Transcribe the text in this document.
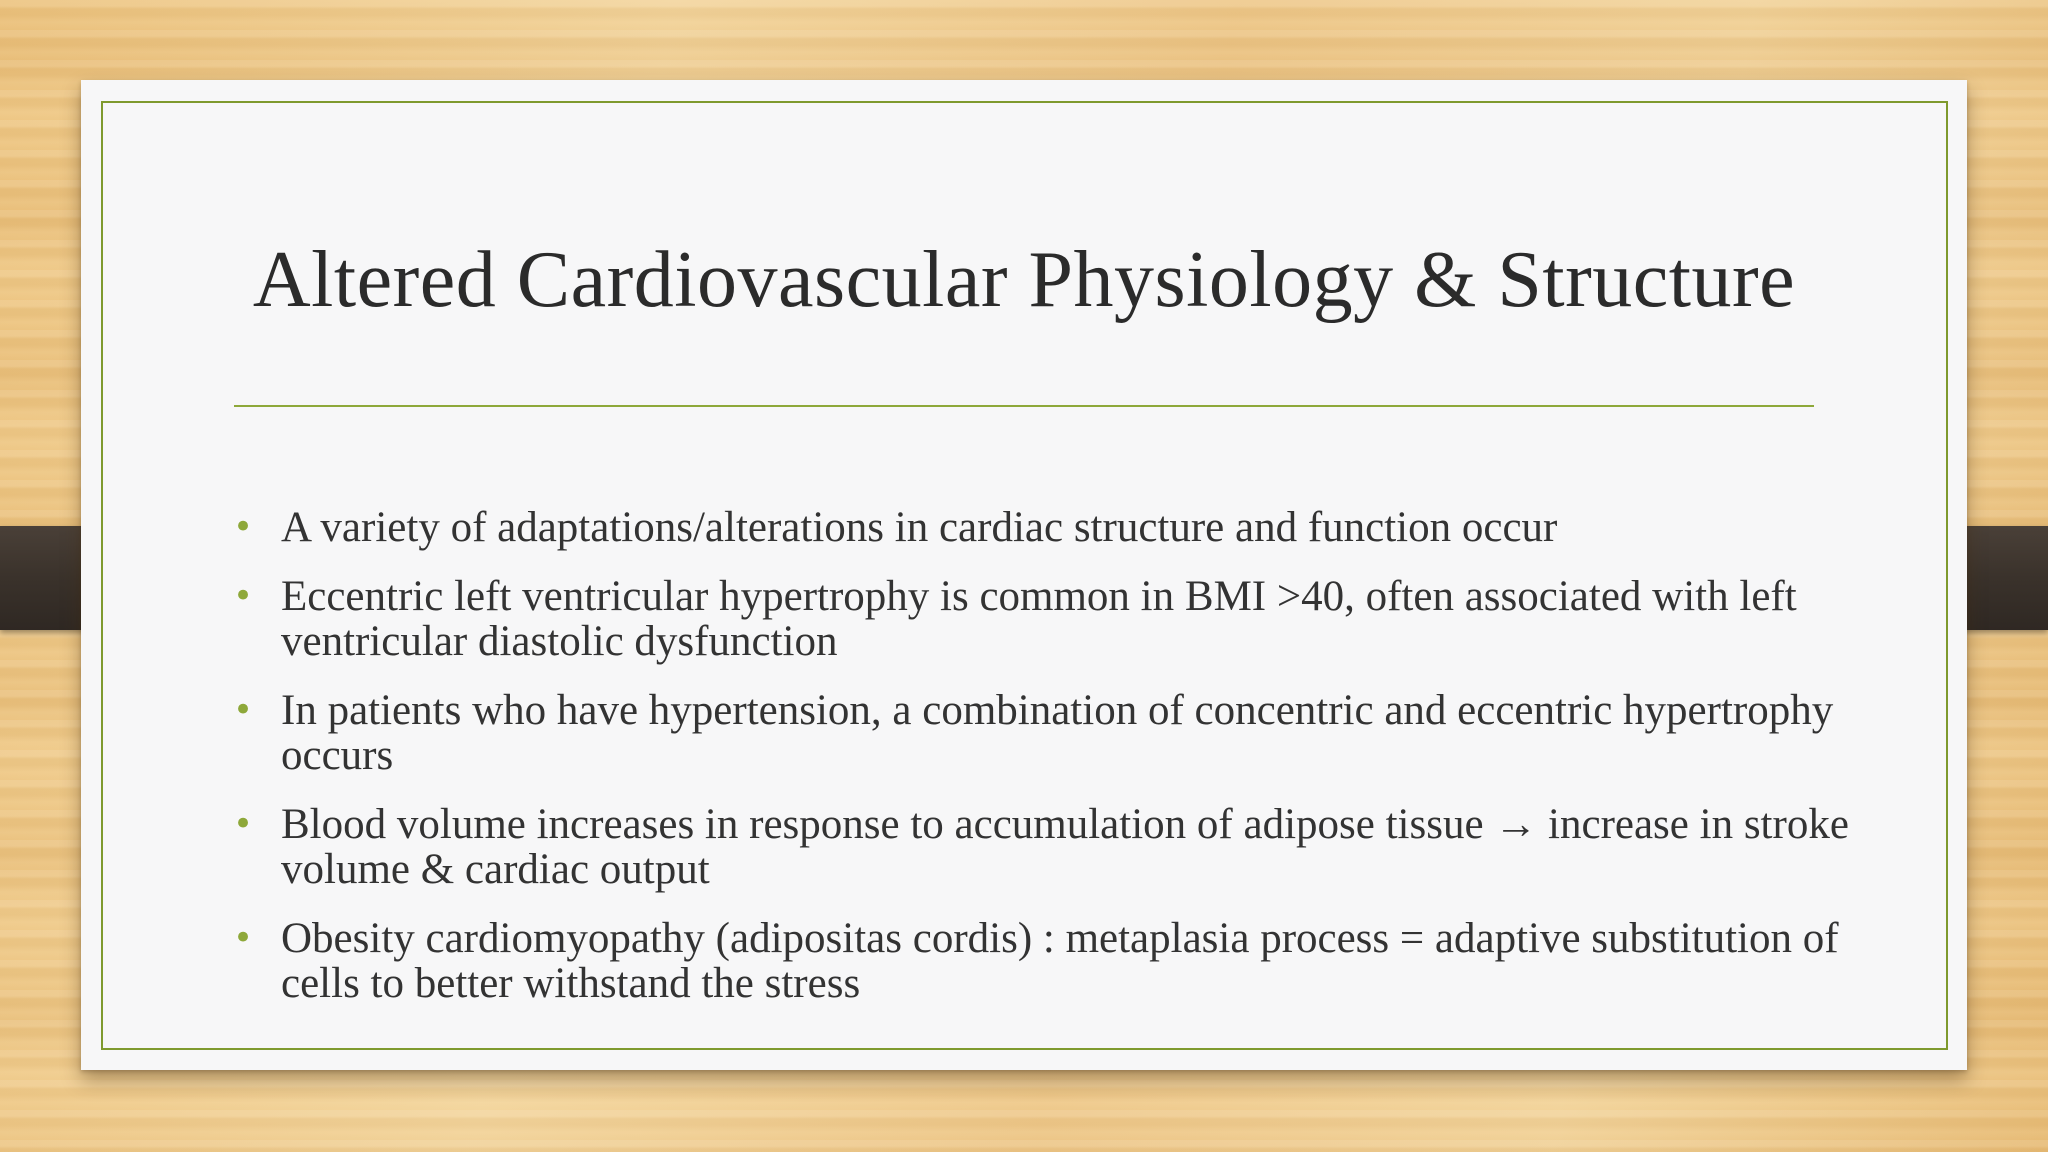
Altered Cardiovascular Physiology & Structure
• A variety of adaptations/alterations in cardiac structure and function occur
• Eccentric left ventricular hypertrophy is common in BMI >40, often associated with left ventricular diastolic dysfunction
• In patients who have hypertension, a combination of concentric and eccentric hypertrophy occurs
• Blood volume increases in response to accumulation of adipose tissue → increase in stroke volume & cardiac output
• Obesity cardiomyopathy (adipositas cordis) : metaplasia process = adaptive substitution of cells to better withstand the stress
